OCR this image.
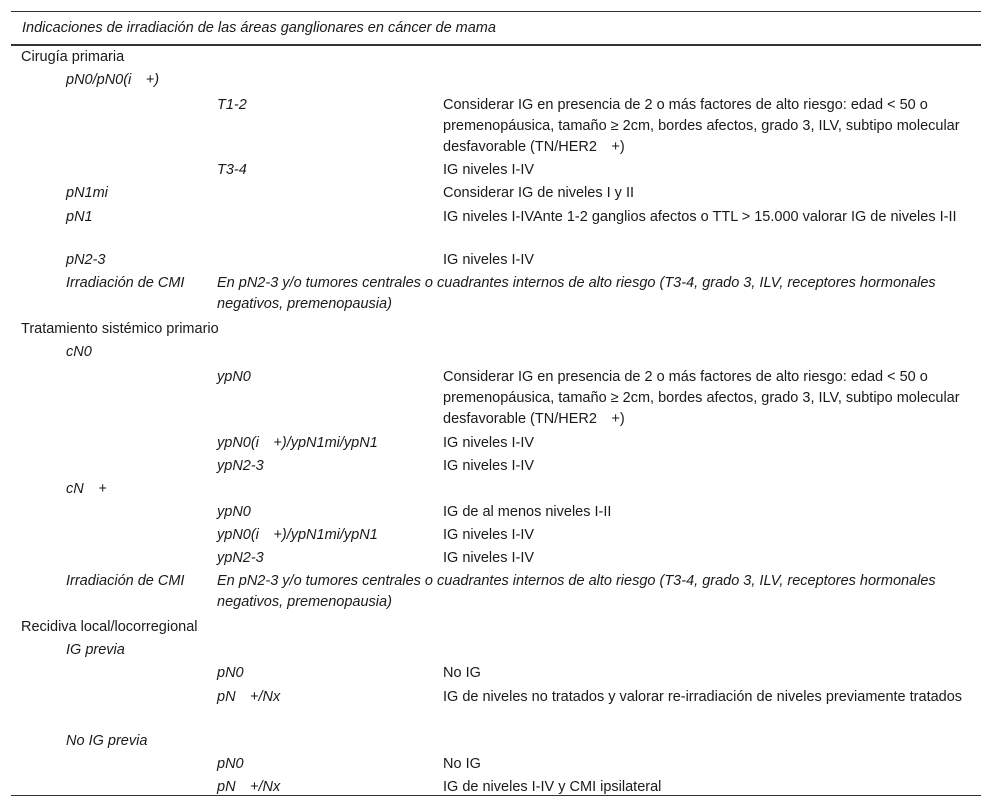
Indicaciones de irradiación de las áreas ganglionares en cáncer de mama
Cirugía primaria
pN0/pN0(i +)
T1-2	Considerar IG en presencia de 2 o más factores de alto riesgo: edad < 50 o premenopáusica, tamaño ≥ 2cm, bordes afectos, grado 3, ILV, subtipo molecular desfavorable (TN/HER2 +)
T3-4	IG niveles I-IV
pN1mi	Considerar IG de niveles I y II
pN1	IG niveles I-IVAnte 1-2 ganglios afectos o TTL > 15.000 valorar IG de niveles I-II
pN2-3	IG niveles I-IV
Irradiación de CMI	En pN2-3 y/o tumores centrales o cuadrantes internos de alto riesgo (T3-4, grado 3, ILV, receptores hormonales negativos, premenopausia)
Tratamiento sistémico primario
cN0
ypN0	Considerar IG en presencia de 2 o más factores de alto riesgo: edad < 50 o premenopáusica, tamaño ≥ 2cm, bordes afectos, grado 3, ILV, subtipo molecular desfavorable (TN/HER2 +)
ypN0(i +)/ypN1mi/ypN1	IG niveles I-IV
ypN2-3	IG niveles I-IV
cN +
ypN0	IG de al menos niveles I-II
ypN0(i +)/ypN1mi/ypN1	IG niveles I-IV
ypN2-3	IG niveles I-IV
Irradiación de CMI	En pN2-3 y/o tumores centrales o cuadrantes internos de alto riesgo (T3-4, grado 3, ILV, receptores hormonales negativos, premenopausia)
Recidiva local/locorregional
IG previa
pN0	No IG
pN +/Nx	IG de niveles no tratados y valorar re-irradiación de niveles previamente tratados
No IG previa
pN0	No IG
pN +/Nx	IG de niveles I-IV y CMI ipsilateral
